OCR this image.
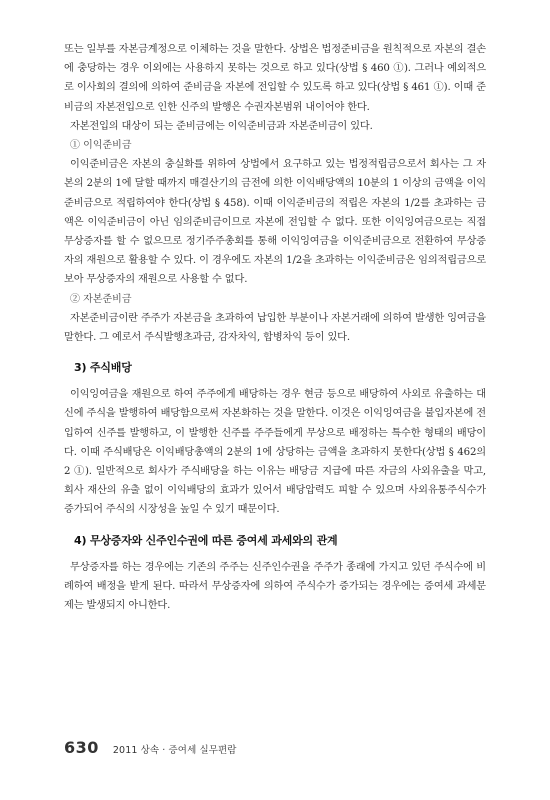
또는 일부를 자본금계정으로 이체하는 것을 말한다. 상법은 법정준비금을 원칙적으로 자본의 결손에 충당하는 경우 이외에는 사용하지 못하는 것으로 하고 있다(상법 § 460 ①). 그러나 예외적으로 이사회의 결의에 의하여 준비금을 자본에 전입할 수 있도록 하고 있다(상법 § 461 ①). 이때 준비금의 자본전입으로 인한 신주의 발행은 수권자본범위 내이어야 한다.

자본전입의 대상이 되는 준비금에는 이익준비금과 자본준비금이 있다.

① 이익준비금

이익준비금은 자본의 충실화를 위하여 상법에서 요구하고 있는 법정적립금으로서 회사는 그 자본의 2분의 1에 달할 때까지 매결산기의 금전에 의한 이익배당액의 10분의 1 이상의 금액을 이익준비금으로 적립하여야 한다(상법 § 458). 이때 이익준비금의 적립은 자본의 1/2를 초과하는 금액은 이익준비금이 아닌 임의준비금이므로 자본에 전입할 수 없다. 또한 이익잉여금으로는 직접 무상증자를 할 수 없으므로 정기주주총회를 통해 이익잉여금을 이익준비금으로 전환하여 무상증자의 재원으로 활용할 수 있다. 이 경우에도 자본의 1/2을 초과하는 이익준비금은 임의적립금으로 보아 무상증자의 재원으로 사용할 수 없다.

② 자본준비금

자본준비금이란 주주가 자본금을 초과하여 납입한 부분이나 자본거래에 의하여 발생한 잉여금을 말한다. 그 예로서 주식발행초과금, 감자차익, 합병차익 등이 있다.

3) 주식배당

이익잉여금을 재원으로 하여 주주에게 배당하는 경우 현금 등으로 배당하여 사외로 유출하는 대신에 주식을 발행하여 배당함으로써 자본화하는 것을 말한다. 이것은 이익잉여금을 불입자본에 전입하여 신주를 발행하고, 이 발행한 신주를 주주들에게 무상으로 배정하는 특수한 형태의 배당이다. 이때 주식배당은 이익배당총액의 2분의 1에 상당하는 금액을 초과하지 못한다(상법 § 462의 2 ①). 일반적으로 회사가 주식배당을 하는 이유는 배당금 지급에 따른 자금의 사외유출을 막고, 회사 재산의 유출 없이 이익배당의 효과가 있어서 배당압력도 피할 수 있으며 사외유통주식수가 증가되어 주식의 시장성을 높일 수 있기 때문이다.

4) 무상증자와 신주인수권에 따른 증여세 과세와의 관계

무상증자를 하는 경우에는 기존의 주주는 신주인수권을 주주가 종래에 가지고 있던 주식수에 비례하여 배정을 받게 된다. 따라서 무상증자에 의하여 주식수가 증가되는 경우에는 증여세 과세문제는 발생되지 아니한다.

630 2011 상속 · 증여세 실무편람
